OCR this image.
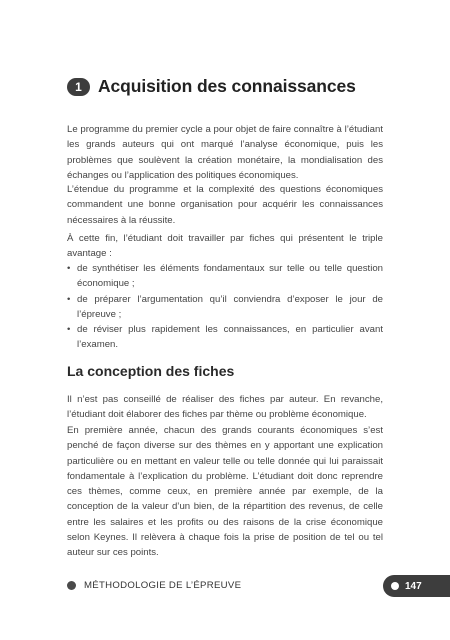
1 Acquisition des connaissances

Le programme du premier cycle a pour objet de faire connaître à l’étudiant les grands auteurs qui ont marqué l’analyse économique, puis les problèmes que soulèvent la création monétaire, la mondialisation des échanges ou l’application des politiques économiques.

L’étendue du programme et la complexité des questions économiques commandent une bonne organisation pour acquérir les connaissances nécessaires à la réussite.

À cette fin, l’étudiant doit travailler par fiches qui présentent le triple avantage :

• de synthétiser les éléments fondamentaux sur telle ou telle question économique ;
• de préparer l’argumentation qu’il conviendra d’exposer le jour de l’épreuve ;
• de réviser plus rapidement les connaissances, en particulier avant l’examen.
La conception des fiches

Il n’est pas conseillé de réaliser des fiches par auteur. En revanche, l’étudiant doit élaborer des fiches par thème ou problème économique.

En première année, chacun des grands courants économiques s’est penché de façon diverse sur des thèmes en y apportant une explication particulière ou en mettant en valeur telle ou telle donnée qui lui paraissait fondamentale à l’explication du problème. L’étudiant doit donc reprendre ces thèmes, comme ceux, en première année par exemple, de la conception de la valeur d’un bien, de la répartition des revenus, de celle entre les salaires et les profits ou des raisons de la crise économique selon Keynes. Il relèvera à chaque fois la prise de position de tel ou tel auteur sur ces points.

MÉTHODOLOGIE DE L’ÉPREUVE	147
